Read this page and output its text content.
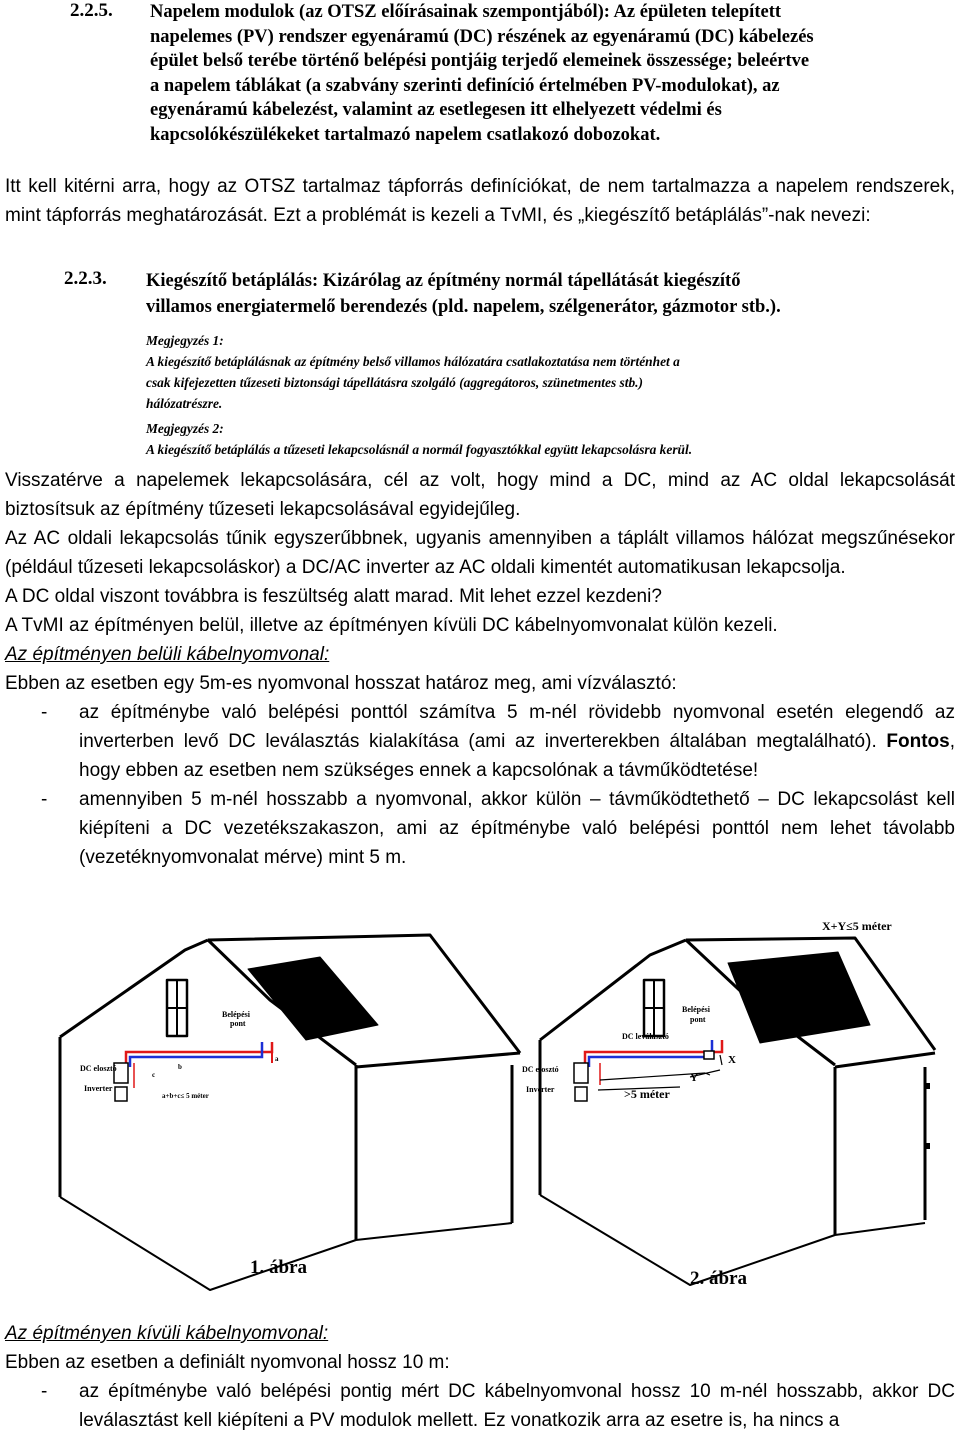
2.2.5. Napelem modulok (az OTSZ előírásainak szempontjából): Az épületen telepített

napelemes (PV) rendszer egyenáramú (DC) részének az egyenáramú (DC) kábelezés

épület belső terébe történő belépési pontjáig terjedő elemeinek összessége; beleértve

a napelem táblákat (a szabvány szerinti definíció értelmében PV-modulokat), az

egyenáramú kábelezést, valamint az esetlegesen itt elhelyezett védelmi és

kapcsolókészülékeket tartalmazó napelem csatlakozó dobozokat.

Itt kell kitérni arra, hogy az OTSZ tartalmaz tápforrás definíciókat, de nem tartalmazza a napelem rendszerek, mint tápforrás meghatározását. Ezt a problémát is kezeli a TvMI, és „kiegészítő betáplálás”-nak nevezi:

2.2.3. Kiegészítő betáplálás: Kizárólag az építmény normál tápellátását kiegészítő

villamos energiatermelő berendezés (pld. napelem, szélgenerátor, gázmotor stb.).

Megjegyzés 1:

A kiegészítő betáplálásnak az építmény belső villamos hálózatára csatlakoztatása nem történhet a

csak kifejezetten tűzeseti biztonsági tápellátásra szolgáló (aggregátoros, szünetmentes stb.)

hálózatrészre.

Megjegyzés 2:

A kiegészítő betáplálás a tűzeseti lekapcsolásnál a normál fogyasztókkal együtt lekapcsolásra kerül.

Visszatérve a napelemek lekapcsolására, cél az volt, hogy mind a DC, mind az AC oldal lekapcsolását biztosítsuk az építmény tűzeseti lekapcsolásával egyidejűleg.

Az AC oldali lekapcsolás tűnik egyszerűbbnek, ugyanis amennyiben a táplált villamos hálózat megszűnésekor (például tűzeseti lekapcsoláskor) a DC/AC inverter az AC oldali kimentét automatikusan lekapcsolja.

A DC oldal viszont továbbra is feszültség alatt marad. Mit lehet ezzel kezdeni?

A TvMI az építményen belül, illetve az építményen kívüli DC kábelnyomvonalat külön kezeli.

Az építményen belüli kábelnyomvonal:

Ebben az esetben egy 5m-es nyomvonal hosszat határoz meg, ami vízválasztó:

- az építménybe való belépési ponttól számítva 5 m-nél rövidebb nyomvonal esetén elegendő az inverterben levő DC leválasztás kialakítása (ami az inverterekben általában megtalálható). Fontos, hogy ebben az esetben nem szükséges ennek a kapcsolónak a távműködtetése!
- amennyiben 5 m-nél hosszabb a nyomvonal, akkor külön – távműködtethető – DC lekapcsolást kell kiépíteni a DC vezetékszakaszon, ami az építménybe való belépési ponttól nem lehet távolabb (vezetéknyomvonalat mérve) mint 5 m.
Belépési
pont
DC elosztó
Inverter
b
c
a
a+b+c≤ 5 méter
1. ábra
X+Y≤5 méter
Belépési
pont
DC leválasztó
DC elosztó
Inverter
X
Y
>5 méter
2. ábra

Az építményen kívüli kábelnyomvonal:

Ebben az esetben a definiált nyomvonal hossz 10 m:

- az építménybe való belépési pontig mért DC kábelnyomvonal hossz 10 m-nél hosszabb, akkor DC leválasztást kell kiépíteni a PV modulok mellett. Ez vonatkozik arra az esetre is, ha nincs a
